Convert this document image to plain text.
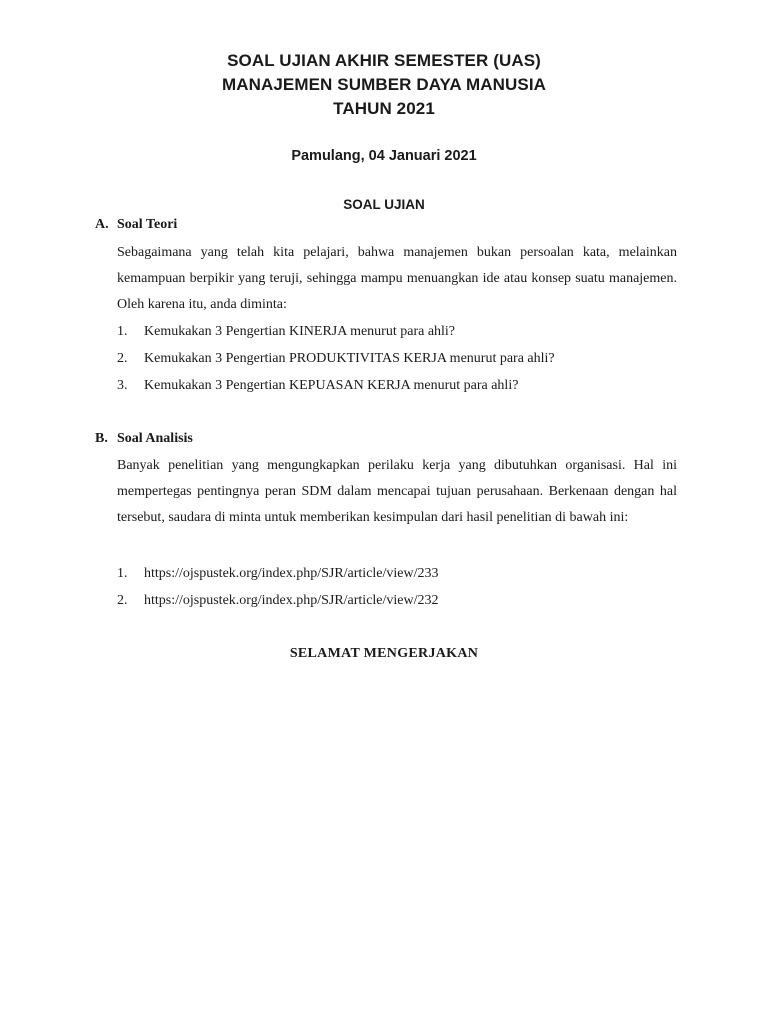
SOAL UJIAN AKHIR SEMESTER (UAS)
MANAJEMEN SUMBER DAYA MANUSIA
TAHUN 2021
Pamulang, 04 Januari 2021
SOAL UJIAN
A. Soal Teori
Sebagaimana yang telah kita pelajari, bahwa manajemen bukan persoalan kata, melainkan kemampuan berpikir yang teruji, sehingga mampu menuangkan ide atau konsep suatu manajemen. Oleh karena itu, anda diminta:
1.	Kemukakan 3 Pengertian KINERJA menurut para ahli?
2.	Kemukakan 3 Pengertian PRODUKTIVITAS KERJA menurut para ahli?
3.	Kemukakan 3 Pengertian KEPUASAN KERJA menurut para ahli?
B. Soal Analisis
Banyak penelitian yang mengungkapkan perilaku kerja yang dibutuhkan organisasi. Hal ini mempertegas pentingnya peran SDM dalam mencapai tujuan perusahaan. Berkenaan dengan hal tersebut, saudara di minta untuk memberikan kesimpulan dari hasil penelitian di bawah ini:
1.	https://ojspustek.org/index.php/SJR/article/view/233
2.	https://ojspustek.org/index.php/SJR/article/view/232
SELAMAT MENGERJAKAN
